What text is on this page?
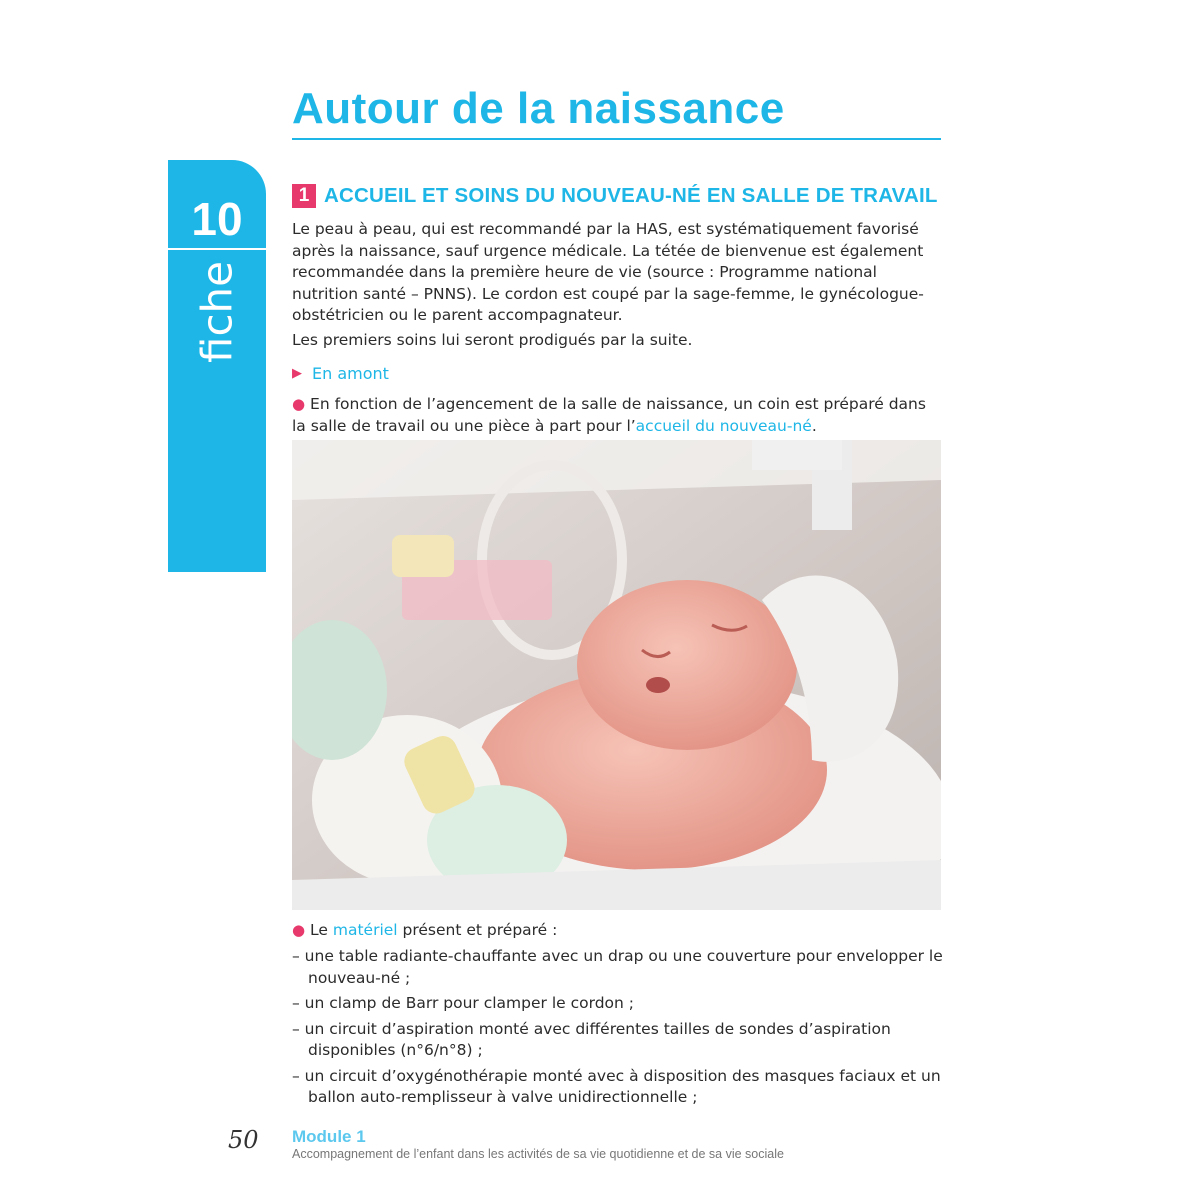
Autour de la naissance
10
fiche
1 ACCUEIL ET SOINS DU NOUVEAU-NÉ EN SALLE DE TRAVAIL

Le peau à peau, qui est recommandé par la HAS, est systématiquement favorisé après la naissance, sauf urgence médicale. La tétée de bienvenue est également recommandée dans la première heure de vie (source : Programme national nutrition santé – PNNS). Le cordon est coupé par la sage-femme, le gynécologue-obstétricien ou le parent accompagnateur.

Les premiers soins lui seront prodigués par la suite.

▶ En amont

● En fonction de l’agencement de la salle de naissance, un coin est préparé dans la salle de travail ou une pièce à part pour l’accueil du nouveau-né.

● Le matériel présent et préparé :

– une table radiante-chauffante avec un drap ou une couverture pour envelopper le nouveau-né ;
– un clamp de Barr pour clamper le cordon ;
– un circuit d’aspiration monté avec différentes tailles de sondes d’aspiration disponibles (n°6/n°8) ;
– un circuit d’oxygénothérapie monté avec à disposition des masques faciaux et un ballon auto-remplisseur à valve unidirectionnelle ;
50 Module 1
Accompagnement de l’enfant dans les activités de sa vie quotidienne et de sa vie sociale
